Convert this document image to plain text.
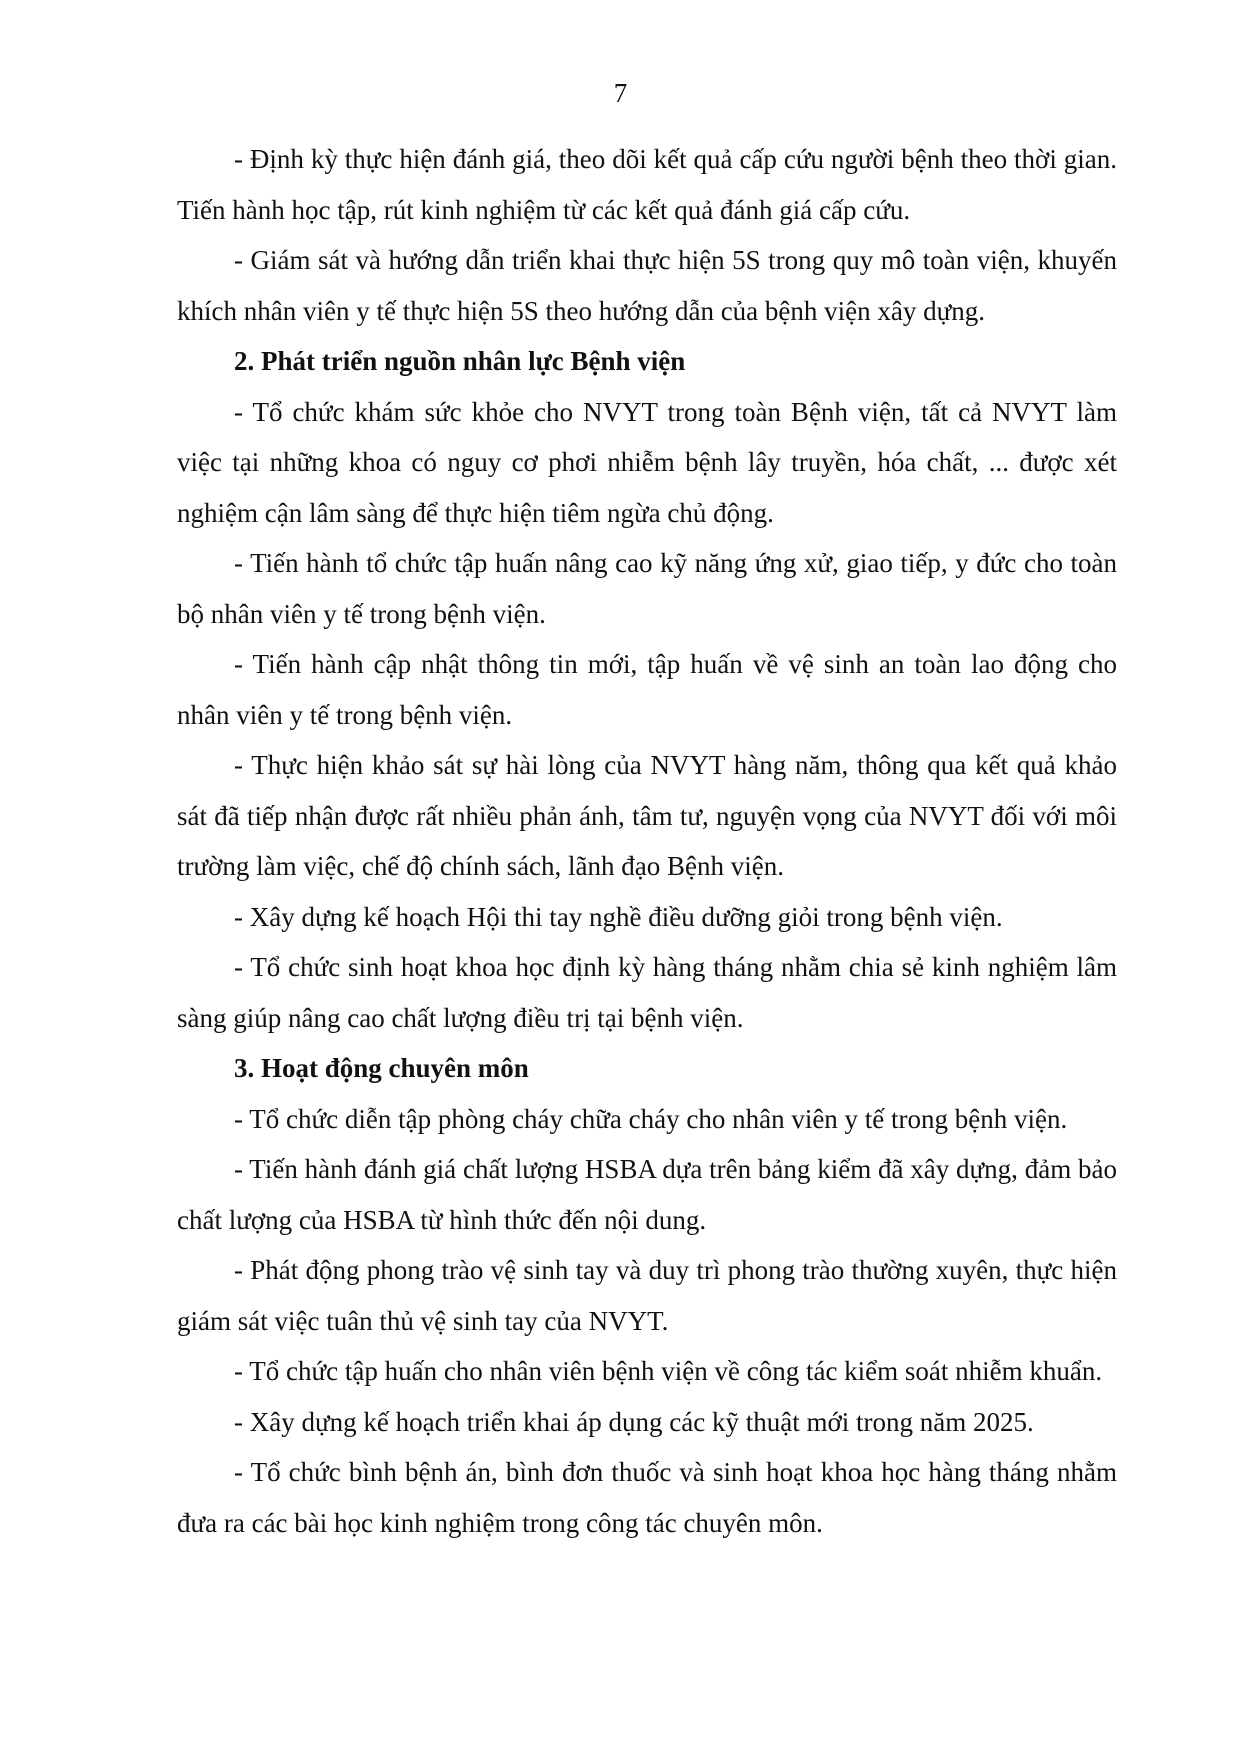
7

- Định kỳ thực hiện đánh giá, theo dõi kết quả cấp cứu người bệnh theo thời gian. Tiến hành học tập, rút kinh nghiệm từ các kết quả đánh giá cấp cứu.

- Giám sát và hướng dẫn triển khai thực hiện 5S trong quy mô toàn viện, khuyến khích nhân viên y tế thực hiện 5S theo hướng dẫn của bệnh viện xây dựng.

2. Phát triển nguồn nhân lực Bệnh viện

- Tổ chức khám sức khỏe cho NVYT trong toàn Bệnh viện, tất cả NVYT làm việc tại những khoa có nguy cơ phơi nhiễm bệnh lây truyền, hóa chất, ... được xét nghiệm cận lâm sàng để thực hiện tiêm ngừa chủ động.

- Tiến hành tổ chức tập huấn nâng cao kỹ năng ứng xử, giao tiếp, y đức cho toàn bộ nhân viên y tế trong bệnh viện.

- Tiến hành cập nhật thông tin mới, tập huấn về vệ sinh an toàn lao động cho nhân viên y tế trong bệnh viện.

- Thực hiện khảo sát sự hài lòng của NVYT hàng năm, thông qua kết quả khảo sát đã tiếp nhận được rất nhiều phản ánh, tâm tư, nguyện vọng của NVYT đối với môi trường làm việc, chế độ chính sách, lãnh đạo Bệnh viện.

- Xây dựng kế hoạch Hội thi tay nghề điều dưỡng giỏi trong bệnh viện.

- Tổ chức sinh hoạt khoa học định kỳ hàng tháng nhằm chia sẻ kinh nghiệm lâm sàng giúp nâng cao chất lượng điều trị tại bệnh viện.

3. Hoạt động chuyên môn

- Tổ chức diễn tập phòng cháy chữa cháy cho nhân viên y tế trong bệnh viện.

- Tiến hành đánh giá chất lượng HSBA dựa trên bảng kiểm đã xây dựng, đảm bảo chất lượng của HSBA từ hình thức đến nội dung.

- Phát động phong trào vệ sinh tay và duy trì phong trào thường xuyên, thực hiện giám sát việc tuân thủ vệ sinh tay của NVYT.

- Tổ chức tập huấn cho nhân viên bệnh viện về công tác kiểm soát nhiễm khuẩn.

- Xây dựng kế hoạch triển khai áp dụng các kỹ thuật mới trong năm 2025.

- Tổ chức bình bệnh án, bình đơn thuốc và sinh hoạt khoa học hàng tháng nhằm đưa ra các bài học kinh nghiệm trong công tác chuyên môn.
